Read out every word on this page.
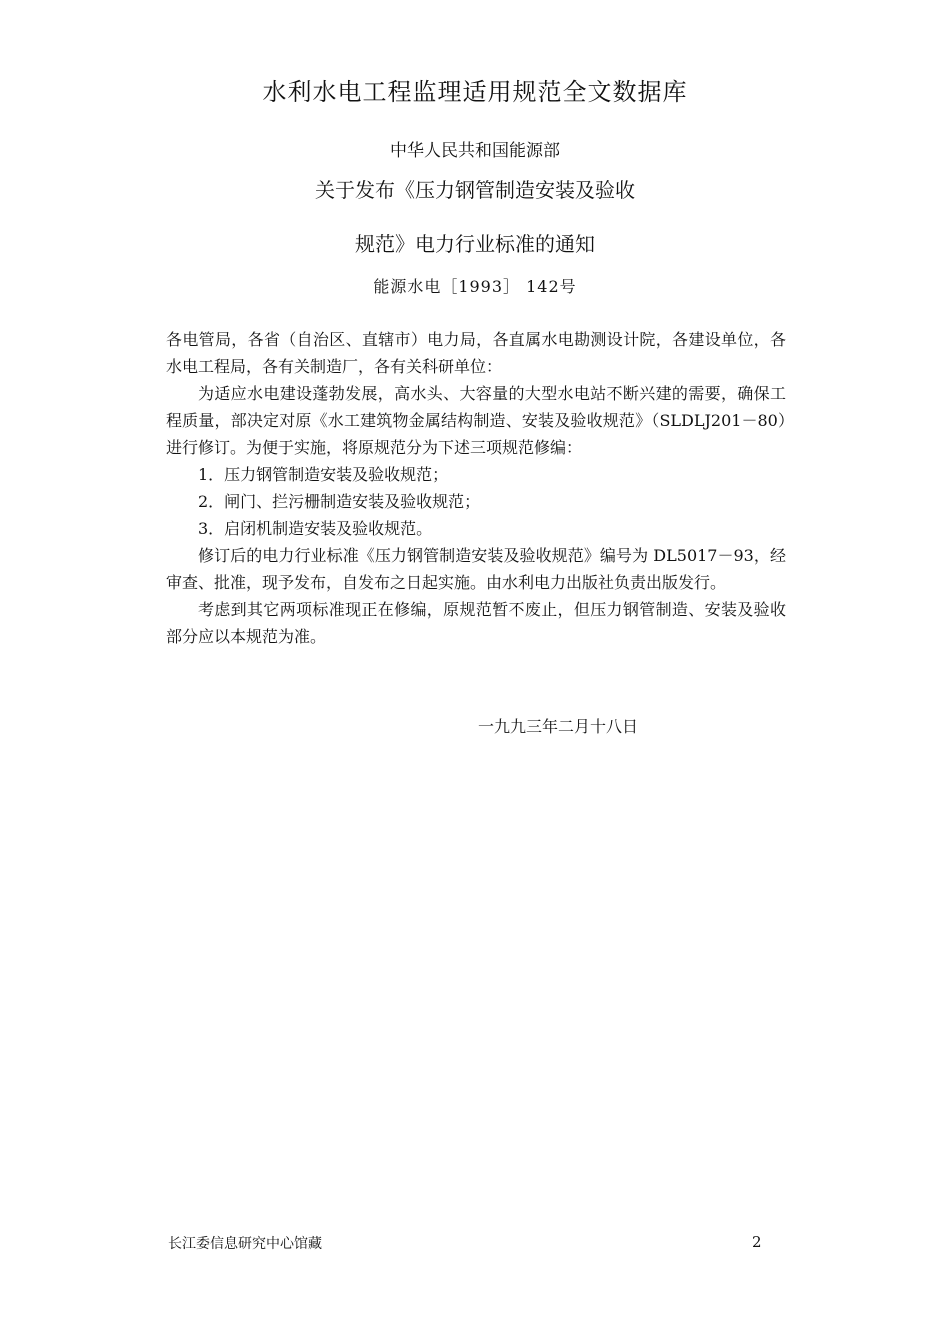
水利水电工程监理适用规范全文数据库
中华人民共和国能源部
关于发布《压力钢管制造安装及验收
规范》电力行业标准的通知
能源水电［1993］ 142号

各电管局，各省（自治区、直辖市）电力局，各直属水电勘测设计院，各建设单位，各水电工程局，各有关制造厂，各有关科研单位：

为适应水电建设蓬勃发展，高水头、大容量的大型水电站不断兴建的需要，确保工程质量，部决定对原《水工建筑物金属结构制造、安装及验收规范》（SLDLJ201－80）进行修订。为便于实施，将原规范分为下述三项规范修编：

1．压力钢管制造安装及验收规范；

2．闸门、拦污栅制造安装及验收规范；

3．启闭机制造安装及验收规范。

修订后的电力行业标准《压力钢管制造安装及验收规范》编号为 DL5017－93，经审查、批准，现予发布，自发布之日起实施。由水利电力出版社负责出版发行。

考虑到其它两项标准现正在修编，原规范暂不废止，但压力钢管制造、安装及验收部分应以本规范为准。

一九九三年二月十八日
长江委信息研究中心馆藏	2
